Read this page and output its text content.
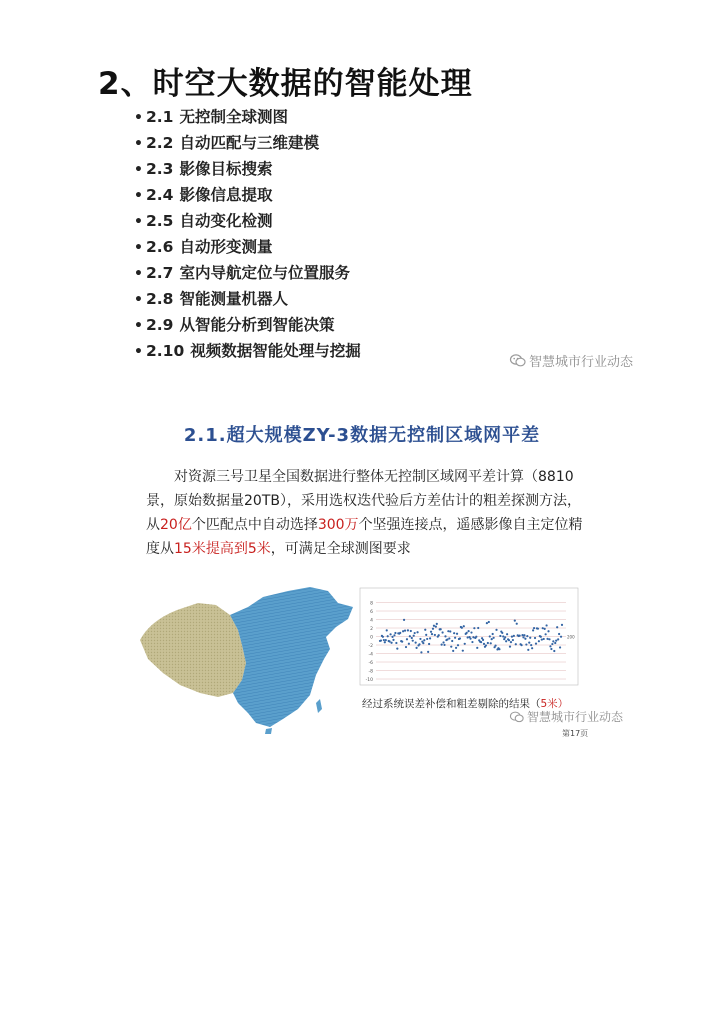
2、时空大数据的智能处理
• 2.1 无控制全球测图
• 2.2 自动匹配与三维建模
• 2.3 影像目标搜索
• 2.4 影像信息提取
• 2.5 自动变化检测
• 2.6 自动形变测量
• 2.7 室内导航定位与位置服务
• 2.8 智能测量机器人
• 2.9 从智能分析到智能决策
• 2.10 视频数据智能处理与挖掘
智慧城市行业动态
2.1.超大规模ZY-3数据无控制区域网平差

对资源三号卫星全国数据进行整体无控制区域网平差计算（8810景，原始数据量20TB），采用选权迭代验后方差估计的粗差探测方法，从20亿个匹配点中自动选择300万个坚强连接点，遥感影像自主定位精度从15米提高到5米，可满足全球测图要求

8
6
4
2
0
-2
-4
-6
-8
-10
200
经过系统误差补偿和粗差剔除的结果（5米）
智慧城市行业动态
第17页
